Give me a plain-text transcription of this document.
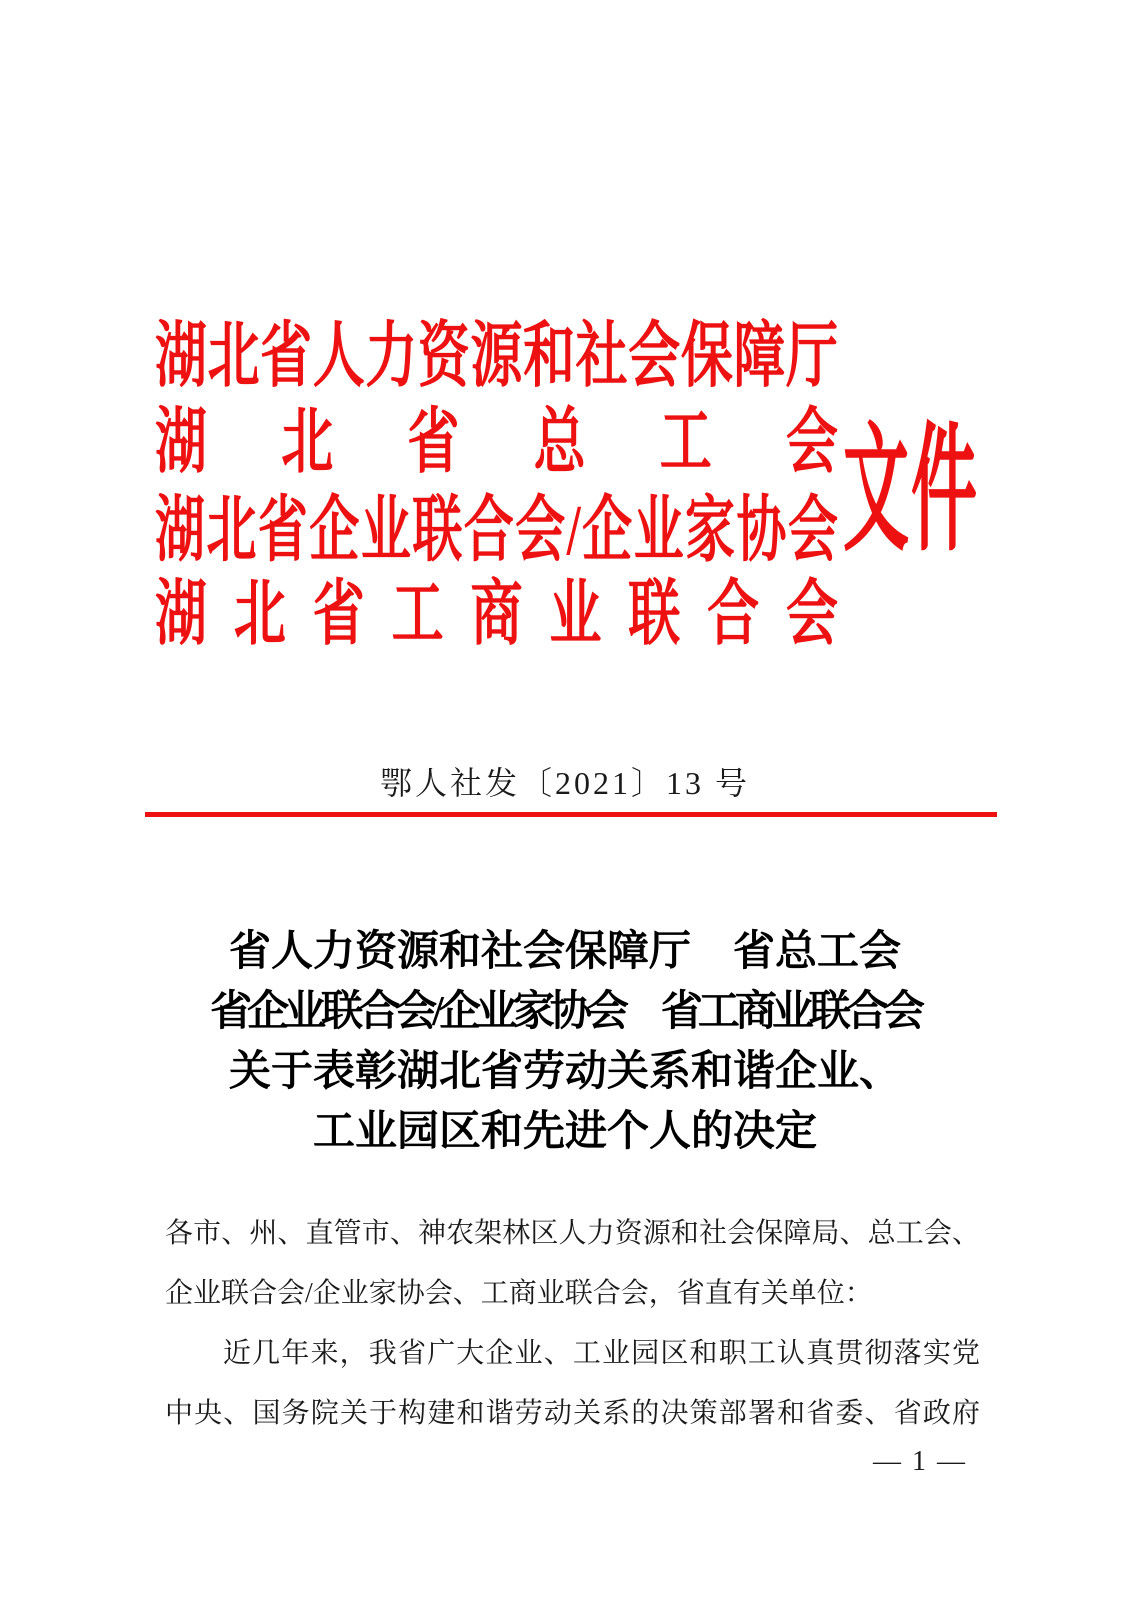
湖北省人力资源和社会保障厅
湖北省总工会
湖北省企业联合会/企业家协会
湖北省工商业联合会
文件
鄂人社发〔2021〕13 号
省人力资源和社会保障厅　省总工会
省企业联合会/企业家协会　省工商业联合会
关于表彰湖北省劳动关系和谐企业、
工业园区和先进个人的决定
各市、州、直管市、神农架林区人力资源和社会保障局、总工会、
企业联合会/企业家协会、工商业联合会，省直有关单位：
近几年来，我省广大企业、工业园区和职工认真贯彻落实党
中央、国务院关于构建和谐劳动关系的决策部署和省委、省政府
— 1 —
